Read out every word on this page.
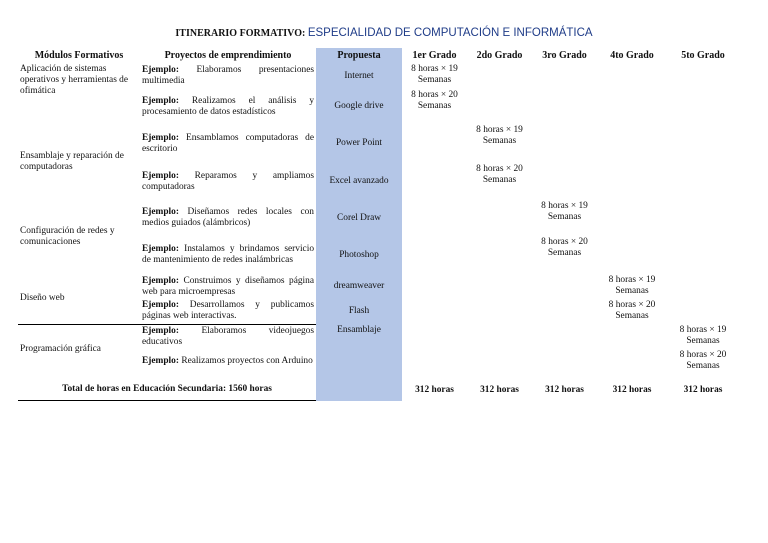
ITINERARIO FORMATIVO: ESPECIALIDAD DE COMPUTACIÓN E INFORMÁTICA
Módulos Formativos	Proyectos de emprendimiento	Propuesta	1er Grado	2do Grado	3ro Grado	4to Grado	5to Grado
Aplicación de sistemas operativos y herramientas de ofimática	Ejemplo: Elaboramos presentaciones multimedia	Internet	8 horas × 19 Semanas				
	Ejemplo: Realizamos el análisis y procesamiento de datos estadísticos	Google drive	8 horas × 20 Semanas				
Ensamblaje y reparación de computadoras	Ejemplo: Ensamblamos computadoras de escritorio	Power Point		8 horas × 19 Semanas			
	Ejemplo: Reparamos y ampliamos computadoras	Excel avanzado		8 horas × 20 Semanas			
Configuración de redes y comunicaciones	Ejemplo: Diseñamos redes locales con medios guiados (alámbricos)	Corel Draw			8 horas × 19 Semanas		
	Ejemplo: Instalamos y brindamos servicio de mantenimiento de redes inalámbricas	Photoshop			8 horas × 20 Semanas		
Diseño web	Ejemplo: Construimos y diseñamos página web para microempresas	dreamweaver				8 horas × 19 Semanas	
	Ejemplo: Desarrollamos y publicamos páginas web interactivas.	Flash				8 horas × 20 Semanas	
Programación gráfica	Ejemplo: Elaboramos videojuegos educativos	Ensamblaje					8 horas × 19 Semanas
	Ejemplo: Realizamos proyectos con Arduino						8 horas × 20 Semanas
Total de horas en Educación Secundaria: 1560 horas			312 horas	312 horas	312 horas	312 horas	312 horas
